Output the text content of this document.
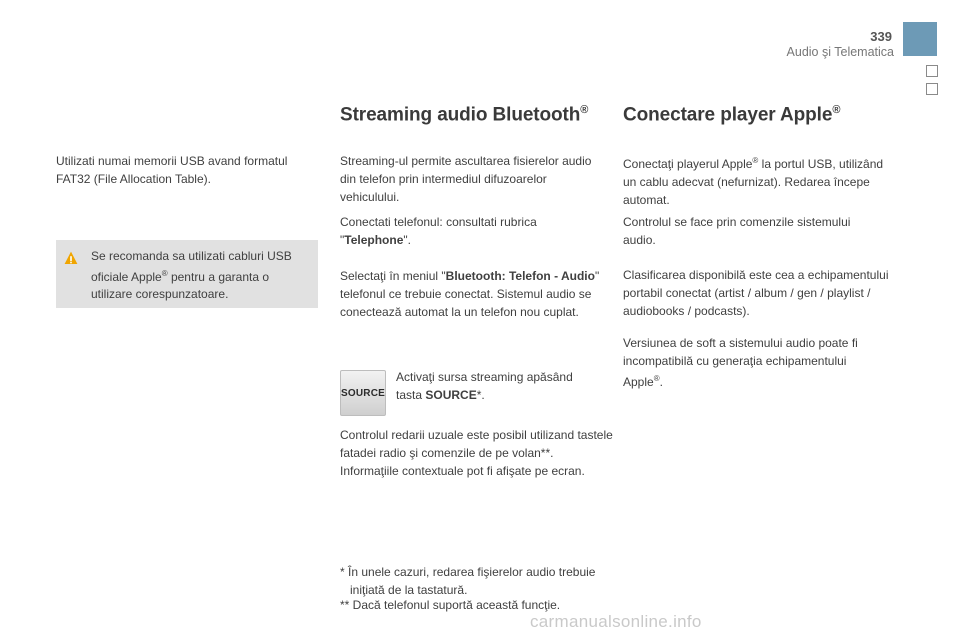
339
Audio şi Telematica

Utilizati numai memorii USB avand formatul FAT32 (File Allocation Table).

Se recomanda sa utilizati cabluri USB oficiale Apple® pentru a garanta o utilizare corespunzatoare.

Streaming audio Bluetooth®

Streaming-ul permite ascultarea fisierelor audio din telefon prin intermediul difuzoarelor vehiculului.

Conectati telefonul: consultati rubrica "Telephone".

Selectaţi în meniul "Bluetooth: Telefon - Audio" telefonul ce trebuie conectat. Sistemul audio se conectează automat la un telefon nou cuplat.

SOURCE

Activaţi sursa streaming apăsând tasta SOURCE*.

Controlul redarii uzuale este posibil utilizand tastele fatadei radio şi comenzile de pe volan**. Informaţiile contextuale pot fi afişate pe ecran.

* În unele cazuri, redarea fişierelor audio trebuie iniţiată de la tastatură.

** Dacă telefonul suportă această funcţie.

Conectare player Apple®

Conectaţi playerul Apple® la portul USB, utilizând un cablu adecvat (nefurnizat). Redarea începe automat.

Controlul se face prin comenzile sistemului audio.

Clasificarea disponibilă este cea a echipamentului portabil conectat (artist / album / gen / playlist / audiobooks / podcasts).

Versiunea de soft a sistemului audio poate fi incompatibilă cu generaţia echipamentului Apple®.

carmanualsonline.info
